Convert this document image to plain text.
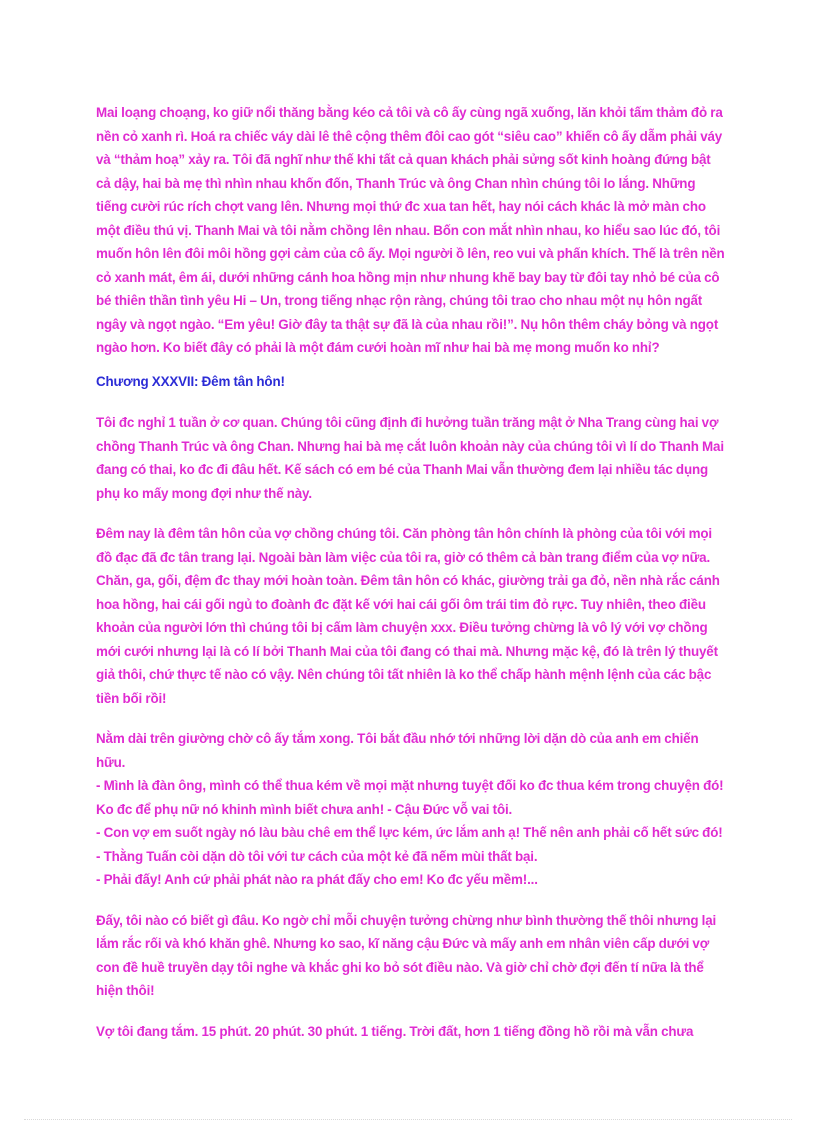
Mai loạng choạng, ko giữ nổi thăng bằng kéo cả tôi và cô ấy cùng ngã xuống, lăn khỏi tấm thảm đỏ ra nền cỏ xanh rì. Hoá ra chiếc váy dài lê thê cộng thêm đôi cao gót “siêu cao” khiến cô ấy dẫm phải váy và “thảm hoạ” xảy ra. Tôi đã nghĩ như thế khi tất cả quan khách phải sửng sốt kinh hoàng đứng bật cả dậy, hai bà mẹ thì nhìn nhau khốn đốn, Thanh Trúc và ông Chan nhìn chúng tôi lo lắng. Những tiếng cười rúc rích chợt vang lên. Nhưng mọi thứ đc xua tan hết, hay nói cách khác là mở màn cho một điều thú vị. Thanh Mai và tôi nằm chồng lên nhau. Bốn con mắt nhìn nhau, ko hiểu sao lúc đó, tôi muốn hôn lên đôi môi hồng gợi cảm của cô ấy. Mọi người ồ lên, reo vui và phấn khích. Thế là trên nền cỏ xanh mát, êm ái, dưới những cánh hoa hồng mịn như nhung khẽ bay bay từ đôi tay nhỏ bé của cô bé thiên thần tình yêu Hi – Un, trong tiếng nhạc rộn ràng, chúng tôi trao cho nhau một nụ hôn ngất ngây và ngọt ngào. “Em yêu! Giờ đây ta thật sự đã là của nhau rồi!”. Nụ hôn thêm cháy bỏng và ngọt ngào hơn. Ko biết đây có phải là một đám cưới hoàn mĩ như hai bà mẹ mong muốn ko nhỉ?

Chương XXXVII: Đêm tân hôn!

Tôi đc nghỉ 1 tuần ở cơ quan. Chúng tôi cũng định đi hưởng tuần trăng mật ở Nha Trang cùng hai vợ chồng Thanh Trúc và ông Chan. Nhưng hai bà mẹ cắt luôn khoản này của chúng tôi vì lí do Thanh Mai đang có thai, ko đc đi đâu hết. Kế sách có em bé của Thanh Mai vẫn thường đem lại nhiều tác dụng phụ ko mấy mong đợi như thế này.

Đêm nay là đêm tân hôn của vợ chồng chúng tôi. Căn phòng tân hôn chính là phòng của tôi với mọi đồ đạc đã đc tân trang lại. Ngoài bàn làm việc của tôi ra, giờ có thêm cả bàn trang điểm của vợ nữa. Chăn, ga, gối, đệm đc thay mới hoàn toàn. Đêm tân hôn có khác, giường trải ga đỏ, nền nhà rắc cánh hoa hồng, hai cái gối ngủ to đoành đc đặt kế với hai cái gối ôm trái tim đỏ rực. Tuy nhiên, theo điều khoản của người lớn thì chúng tôi bị cấm làm chuyện xxx. Điều tưởng chừng là vô lý với vợ chồng mới cưới nhưng lại là có lí bởi Thanh Mai của tôi đang có thai mà. Nhưng mặc kệ, đó là trên lý thuyết giả thôi, chứ thực tế nào có vậy. Nên chúng tôi tất nhiên là ko thể chấp hành mệnh lệnh của các bậc tiền bối rồi!

Nằm dài trên giường chờ cô ấy tắm xong. Tôi bắt đầu nhớ tới những lời dặn dò của anh em chiến hữu.

- Mình là đàn ông, mình có thể thua kém về mọi mặt nhưng tuyệt đối ko đc thua kém trong chuyện đó! Ko đc để phụ nữ nó khinh mình biết chưa anh! - Cậu Đức vỗ vai tôi.

- Con vợ em suốt ngày nó làu bàu chê em thể lực kém, ức lắm anh ạ! Thế nên anh phải cố hết sức đó! - Thằng Tuấn còi dặn dò tôi với tư cách của một kẻ đã nếm mùi thất bại.

- Phải đấy! Anh cứ phải phát nào ra phát đấy cho em! Ko đc yếu mềm!...

Đấy, tôi nào có biết gì đâu. Ko ngờ chỉ mỗi chuyện tưởng chừng như bình thường thế thôi nhưng lại lắm rắc rối và khó khăn ghê. Nhưng ko sao, kĩ năng cậu Đức và mấy anh em nhân viên cấp dưới vợ con đề huề truyền dạy tôi nghe và khắc ghi ko bỏ sót điều nào. Và giờ chỉ chờ đợi đến tí nữa là thể hiện thôi!

Vợ tôi đang tắm. 15 phút. 20 phút. 30 phút. 1 tiếng. Trời đất, hơn 1 tiếng đồng hồ rồi mà vẫn chưa
